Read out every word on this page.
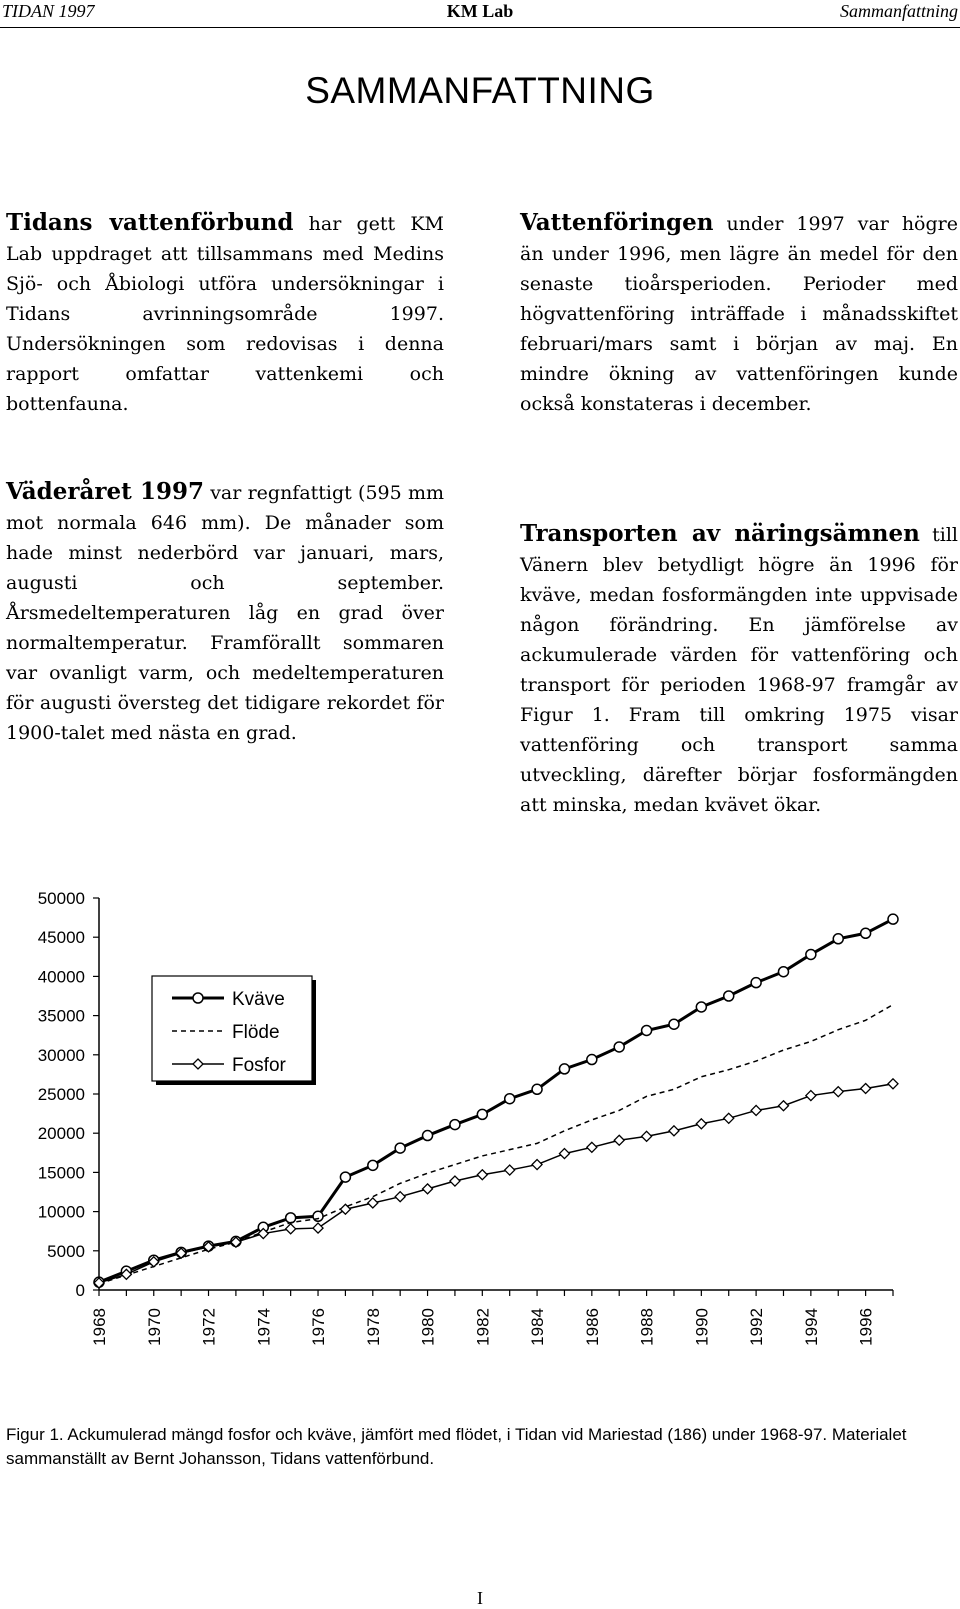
TIDAN 1997	KM Lab	Sammanfattning
SAMMANFATTNING

Tidans vattenförbund har gett KM Lab uppdraget att tillsammans med Medins Sjö- och Åbiologi utföra undersökningar i Tidans avrinningsområde 1997. Undersökningen som redovisas i denna rapport omfattar vattenkemi och bottenfauna.

Väderåret 1997 var regnfattigt (595 mm mot normala 646 mm). De månader som hade minst nederbörd var januari, mars, augusti och september. Årsmedeltemperaturen låg en grad över normaltemperatur. Framförallt sommaren var ovanligt varm, och medeltemperaturen för augusti översteg det tidigare rekordet för 1900-talet med nästa en grad.

Vattenföringen under 1997 var högre än under 1996, men lägre än medel för den senaste tioårsperioden. Perioder med högvattenföring inträffade i månadsskiftet februari/mars samt i början av maj. En mindre ökning av vattenföringen kunde också konstateras i december.

Transporten av näringsämnen till Vänern blev betydligt högre än 1996 för kväve, medan fosformängden inte uppvisade någon förändring. En jämförelse av ackumulerade värden för vattenföring och transport för perioden 1968-97 framgår av Figur 1. Fram till omkring 1975 visar vattenföring och transport samma utveckling, därefter börjar fosformängden att minska, medan kvävet ökar.

0
5000
10000
15000
20000
25000
30000
35000
40000
45000
50000
1968 1970 1972 1974 1976 1978 1980 1982 1984 1986 1988 1990 1992 1994 1996
Kväve
Flöde
Fosfor
Figur 1. Ackumulerad mängd fosfor och kväve, jämfört med flödet, i Tidan vid Mariestad (186) under 1968-97. Materialet sammanställt av Bernt Johansson, Tidans vattenförbund.
I
